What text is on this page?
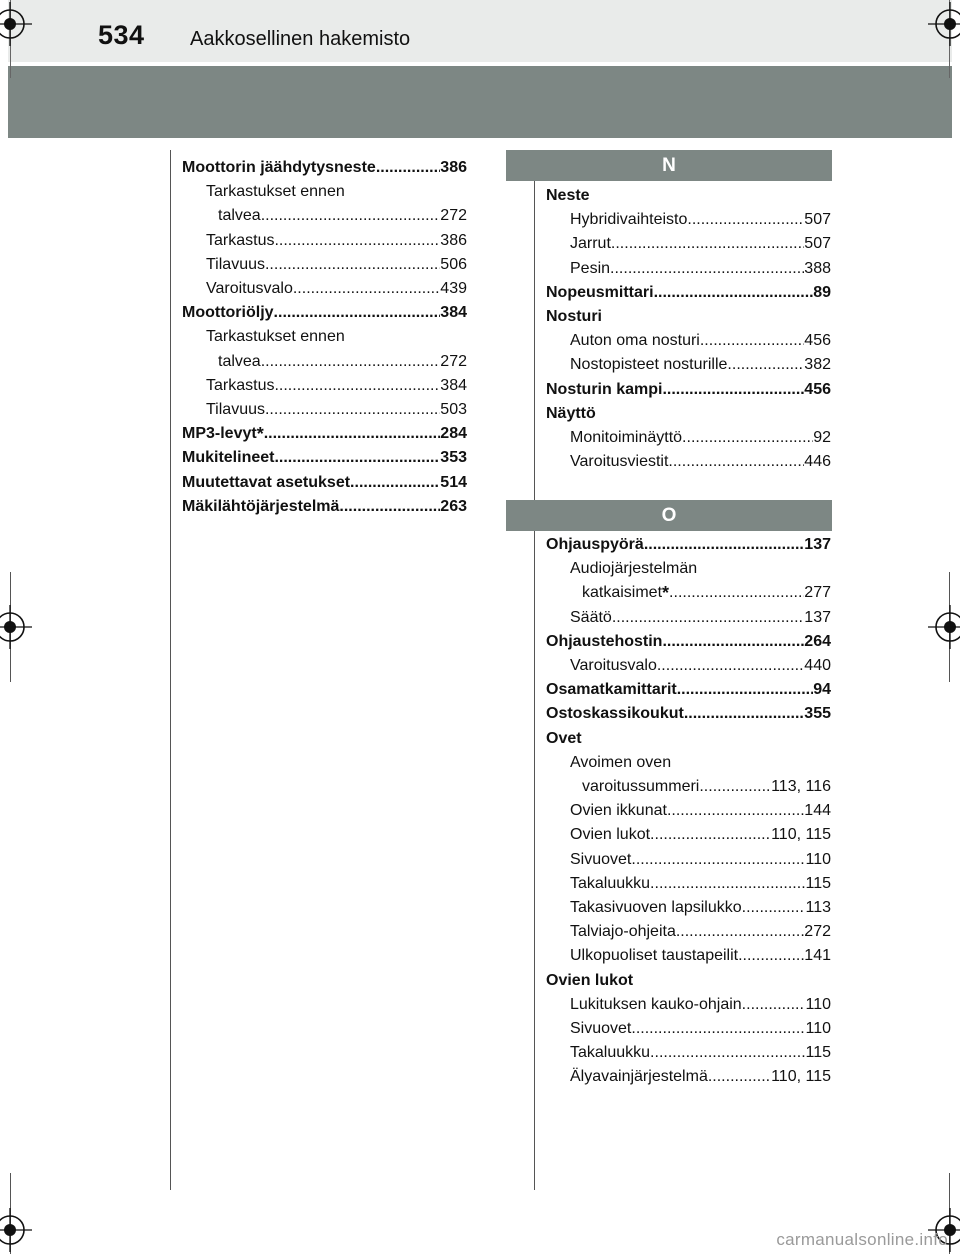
534 Aakkosellinen hakemisto
N
O
Moottorin jäähdytysneste .....	386
Tarkastukset ennen
talvea .....	272
Tarkastus .....	386
Tilavuus .....	506
Varoitusvalo .....	439
Moottoriöljy .....	384
Tarkastukset ennen
talvea .....	272
Tarkastus .....	384
Tilavuus .....	503
MP3-levyt* .....	284
Mukitelineet .....	353
Muutettavat asetukset .....	514
Mäkilähtöjärjestelmä .....	263
Neste
Hybridivaihteisto .....	507
Jarrut .....	507
Pesin .....	388
Nopeusmittari .....	89
Nosturi
Auton oma nosturi .....	456
Nostopisteet nosturille .....	382
Nosturin kampi .....	456
Näyttö
Monitoiminäyttö .....	92
Varoitusviestit .....	446
Ohjauspyörä .....	137
Audiojärjestelmän
katkaisimet * .....	277
Säätö .....	137
Ohjaustehostin .....	264
Varoitusvalo .....	440
Osamatkamittarit .....	94
Ostoskassikoukut .....	355
Ovet
Avoimen oven
varoitussummeri .....	113, 116
Ovien ikkunat .....	144
Ovien lukot .....	110, 115
Sivuovet .....	110
Takaluukku .....	115
Takasivuoven lapsilukko .....	113
Talviajo-ohjeita .....	272
Ulkopuoliset taustapeilit .....	141
Ovien lukot
Lukituksen kauko-ohjain .....	110
Sivuovet .....	110
Takaluukku .....	115
Älyavainjärjestelmä .....	110, 115
carmanualsonline.info
